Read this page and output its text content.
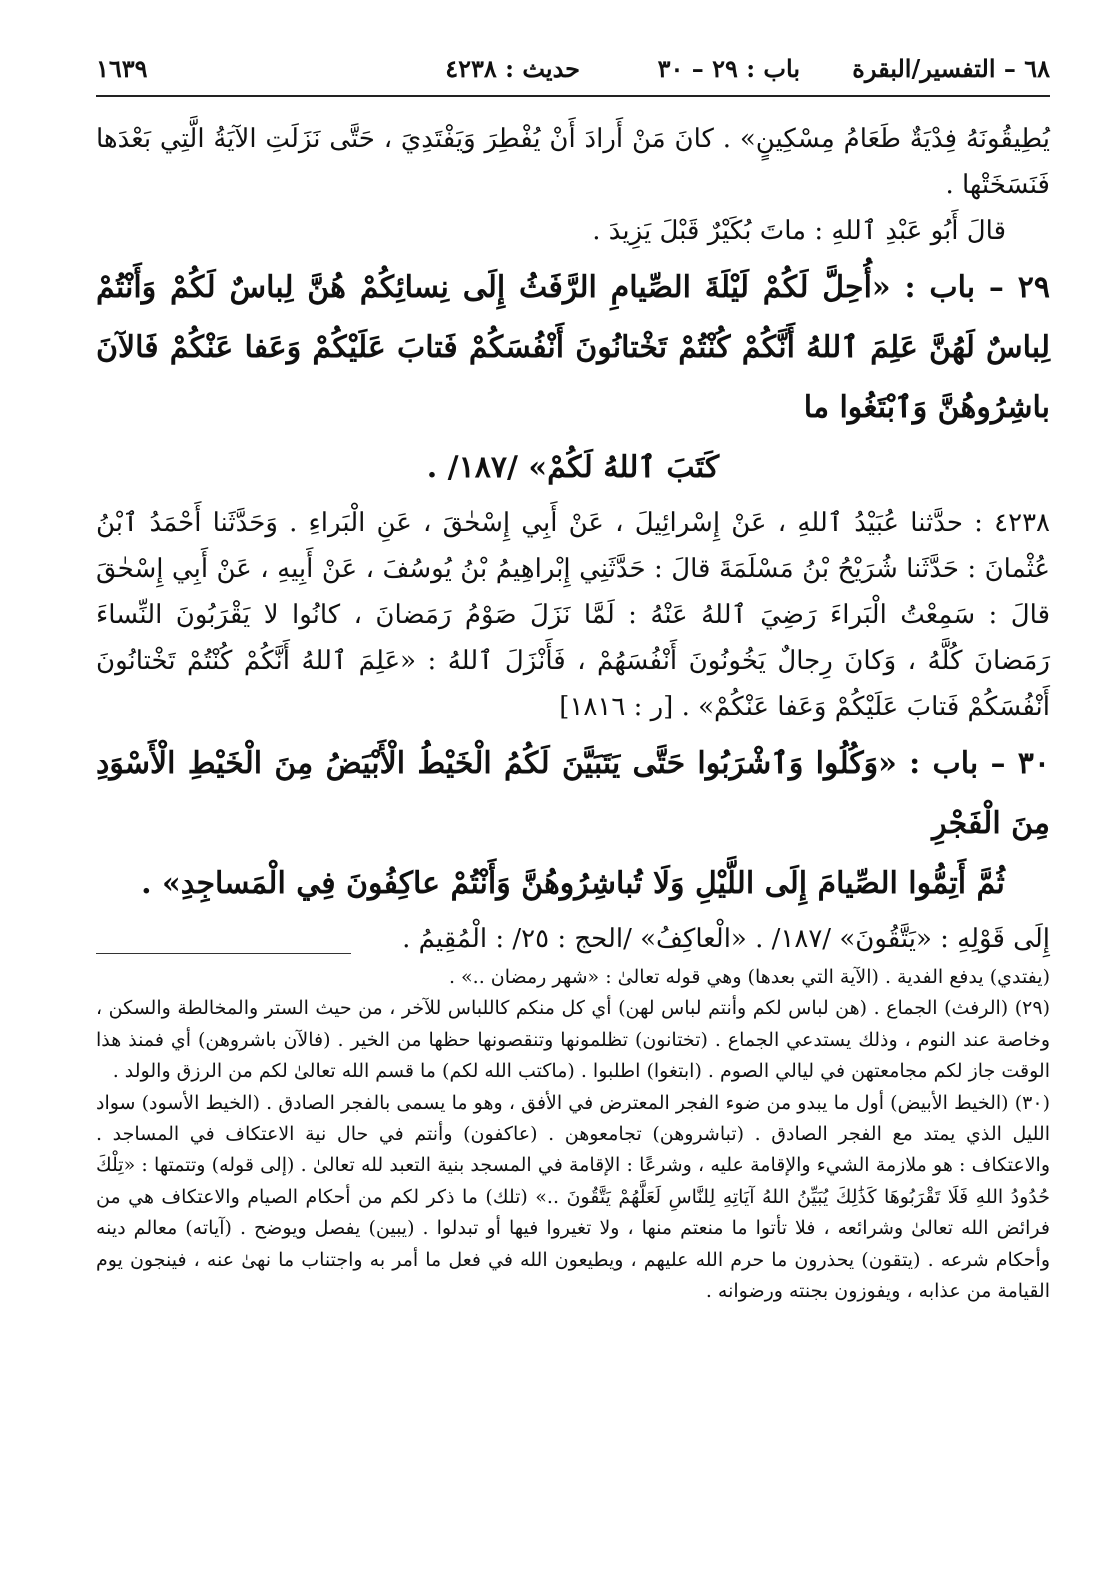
٦٨ – التفسير/البقرة
باب : ٢٩ – ٣٠
حديث : ٤٢٣٨
١٦٣٩

يُطِيقُونَهُ فِدْيَةٌ طَعَامُ مِسْكِينٍ» . كانَ مَنْ أَرادَ أَنْ يُفْطِرَ وَيَفْتَدِيَ ، حَتَّى نَزَلَتِ الآيَةُ الَّتِي بَعْدَها فَنَسَخَتْها .

قالَ أَبُو عَبْدِ ٱللهِ : ماتَ بُكَيْرٌ قَبْلَ يَزِيدَ .

٢٩ – باب : «أُحِلَّ لَكُمْ لَيْلَةَ الصِّيامِ الرَّفَثُ إِلَى نِسائِكُمْ هُنَّ لِباسٌ لَكُمْ وَأَنْتُمْ لِباسٌ لَهُنَّ عَلِمَ ٱللهُ أَنَّكُمْ كُنْتُمْ تَخْتانُونَ أَنْفُسَكُمْ فَتابَ عَلَيْكُمْ وَعَفا عَنْكُمْ فَالآنَ باشِرُوهُنَّ وَٱبْتَغُوا ما

كَتَبَ ٱللهُ لَكُمْ» /١٨٧/ .

٤٢٣٨ : حدَّثنا عُبَيْدُ ٱللهِ ، عَنْ إِسْرائِيلَ ، عَنْ أَبِي إِسْحٰقَ ، عَنِ الْبَراءِ . وَحَدَّثَنا أَحْمَدُ ٱبْنُ عُثْمانَ : حَدَّثَنا شُرَيْحُ بْنُ مَسْلَمَةَ قالَ : حَدَّثَنِي إِبْراهِيمُ بْنُ يُوسُفَ ، عَنْ أَبِيهِ ، عَنْ أَبِي إِسْحٰقَ قالَ : سَمِعْتُ الْبَراءَ رَضِيَ ٱللهُ عَنْهُ : لَمَّا نَزَلَ صَوْمُ رَمَضانَ ، كانُوا لا يَقْرَبُونَ النِّساءَ رَمَضانَ كُلَّهُ ، وَكانَ رِجالٌ يَخُونُونَ أَنْفُسَهُمْ ، فَأَنْزَلَ ٱللهُ : «عَلِمَ ٱللهُ أَنَّكُمْ كُنْتُمْ تَخْتانُونَ أَنْفُسَكُمْ فَتابَ عَلَيْكُمْ وَعَفا عَنْكُمْ» . [ر : ١٨١٦]

٣٠ – باب : «وَكُلُوا وَٱشْرَبُوا حَتَّى يَتَبَيَّنَ لَكُمُ الْخَيْطُ الْأَبْيَضُ مِنَ الْخَيْطِ الْأَسْوَدِ مِنَ الْفَجْرِ

ثُمَّ أَتِمُّوا الصِّيامَ إِلَى اللَّيْلِ وَلَا تُباشِرُوهُنَّ وَأَنْتُمْ عاكِفُونَ فِي الْمَساجِدِ» .

إِلَى قَوْلِهِ : «يَتَّقُونَ» /١٨٧/ . «الْعاكِفُ» /الحج : ٢٥/ : الْمُقِيمُ .

(يفتدي) يدفع الفدية . (الآية التي بعدها) وهي قوله تعالىٰ : «شهر رمضان ..» .

(٢٩) (الرفث) الجماع . (هن لباس لكم وأنتم لباس لهن) أي كل منكم كاللباس للآخر ، من حيث الستر والمخالطة والسكن ، وخاصة عند النوم ، وذلك يستدعي الجماع . (تختانون) تظلمونها وتنقصونها حظها من الخير . (فالآن باشروهن) أي فمنذ هذا الوقت جاز لكم مجامعتهن في ليالي الصوم . (ابتغوا) اطلبوا . (ماكتب الله لكم) ما قسم الله تعالىٰ لكم من الرزق والولد .

(٣٠) (الخيط الأبيض) أول ما يبدو من ضوء الفجر المعترض في الأفق ، وهو ما يسمى بالفجر الصادق . (الخيط الأسود) سواد الليل الذي يمتد مع الفجر الصادق . (تباشروهن) تجامعوهن . (عاكفون) وأنتم في حال نية الاعتكاف في المساجد . والاعتكاف : هو ملازمة الشيء والإقامة عليه ، وشرعًا : الإقامة في المسجد بنية التعبد لله تعالىٰ . (إلى قوله) وتتمتها : «تِلْكَ حُدُودُ اللهِ فَلَا تَقْرَبُوهَا كَذَٰلِكَ يُبَيِّنُ اللهُ آيَاتِهِ لِلنَّاسِ لَعَلَّهُمْ يَتَّقُونَ ..» (تلك) ما ذكر لكم من أحكام الصيام والاعتكاف هي من فرائض الله تعالىٰ وشرائعه ، فلا تأتوا ما منعتم منها ، ولا تغيروا فيها أو تبدلوا . (يبين) يفصل ويوضح . (آياته) معالم دينه وأحكام شرعه . (يتقون) يحذرون ما حرم الله عليهم ، ويطيعون الله في فعل ما أمر به واجتناب ما نهىٰ عنه ، فينجون يوم القيامة من عذابه ، ويفوزون بجنته ورضوانه .
